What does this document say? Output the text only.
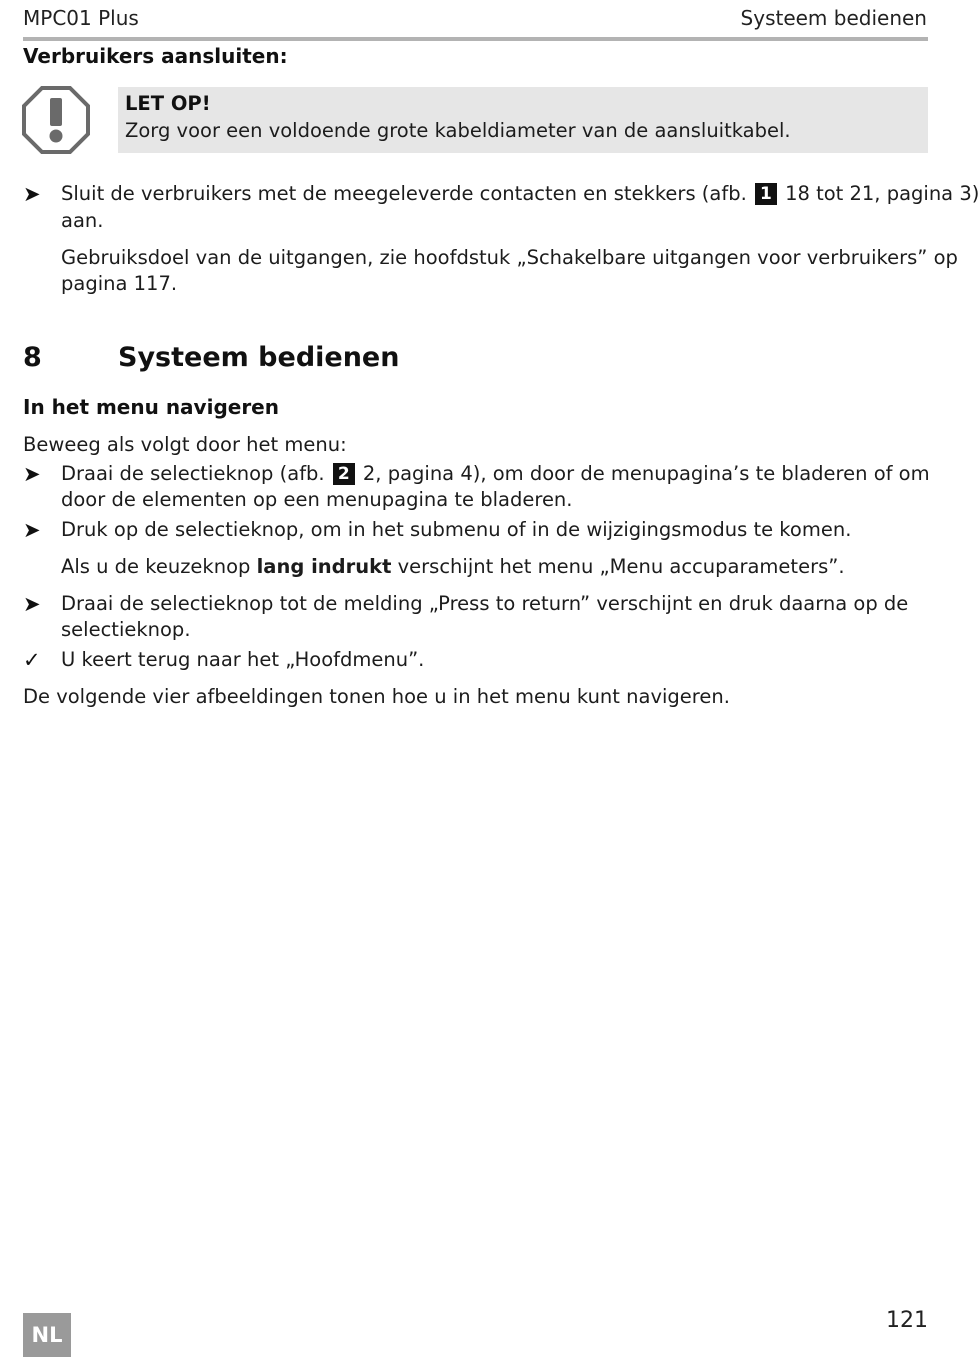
MPC01 Plus	Systeem bedienen
Verbruikers aansluiten:
LET OP!
Zorg voor een voldoende grote kabeldiameter van de aansluitkabel.
➤ Sluit de verbruikers met de meegeleverde contacten en stekkers (afb. 1 18 tot 21, pagina 3)
aan.
Gebruiksdoel van de uitgangen, zie hoofdstuk „Schakelbare uitgangen voor verbruikers” op
pagina 117.
8	Systeem bedienen
In het menu navigeren
Beweeg als volgt door het menu:
➤ Draai de selectieknop (afb. 2 2, pagina 4), om door de menupagina’s te bladeren of om
door de elementen op een menupagina te bladeren.
➤ Druk op de selectieknop, om in het submenu of in de wijzigingsmodus te komen.
Als u de keuzeknop lang indrukt verschijnt het menu „Menu accuparameters”.
➤ Draai de selectieknop tot de melding „Press to return” verschijnt en druk daarna op de
selectieknop.
✓ U keert terug naar het „Hoofdmenu”.
De volgende vier afbeeldingen tonen hoe u in het menu kunt navigeren.
NL
121
